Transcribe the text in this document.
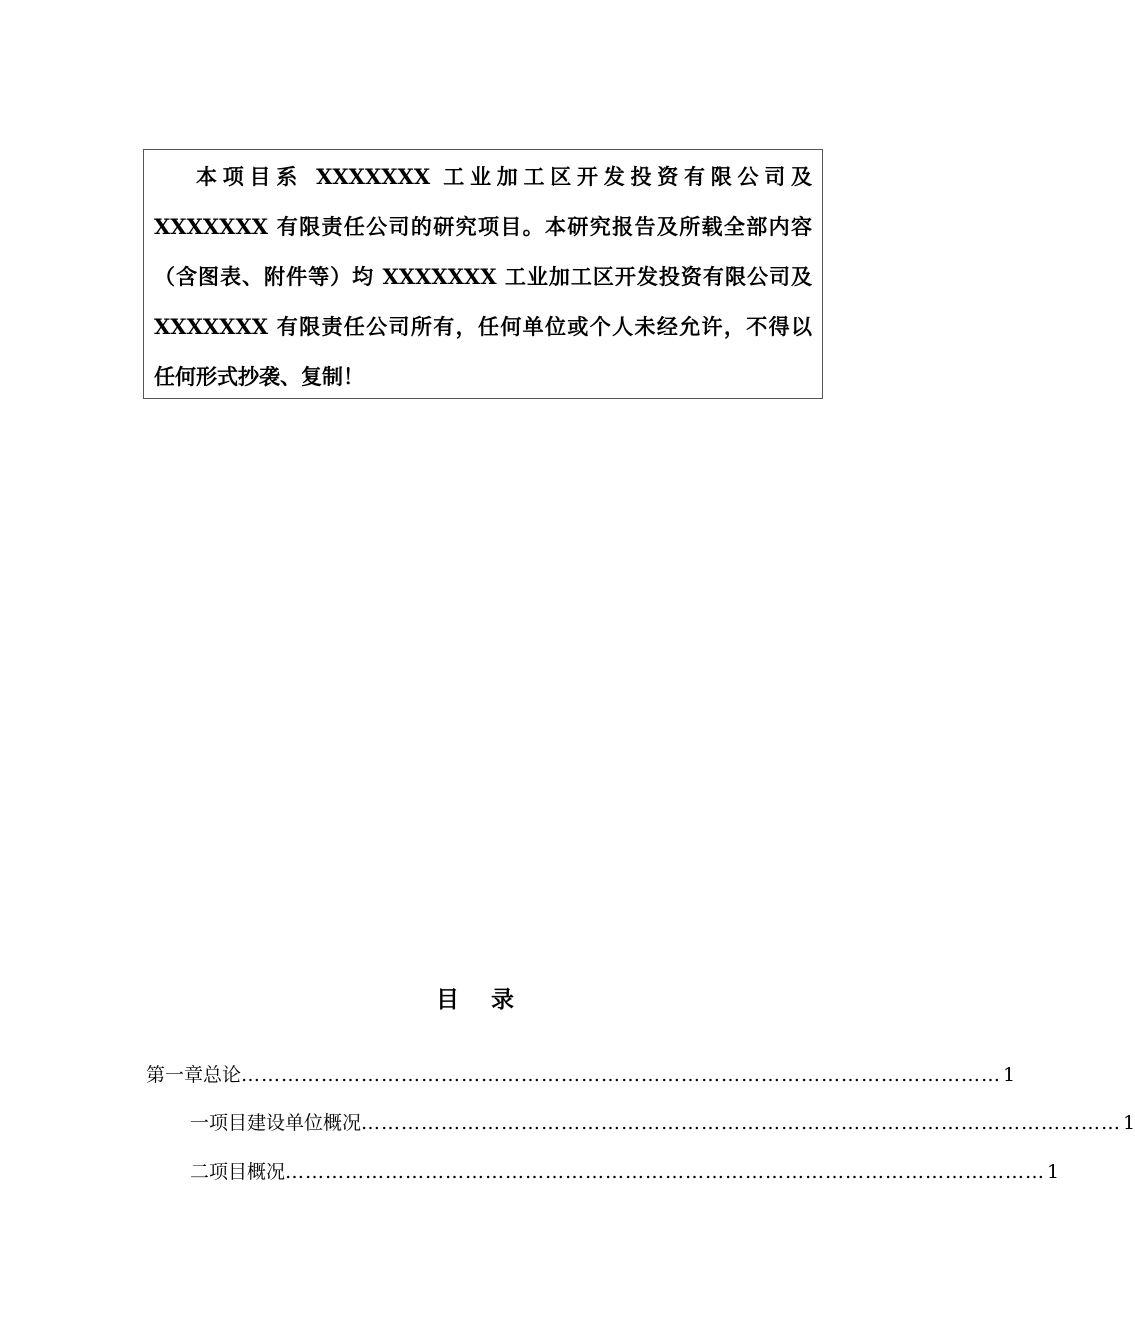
本项目系 XXXXXXX 工业加工区开发投资有限公司及
XXXXXXX 有限责任公司的研究项目。本研究报告及所载全部内容
（含图表、附件等）均 XXXXXXX 工业加工区开发投资有限公司及
XXXXXXX 有限责任公司所有，任何单位或个人未经允许，不得以
任何形式抄袭、复制！
目    录
第一章 总论 …………………………………………………………………………………………………… 1
一 项目建设单位概况 …………………………………………………………………………………………………… 1
二 项目概况 …………………………………………………………………………………………………… 1
